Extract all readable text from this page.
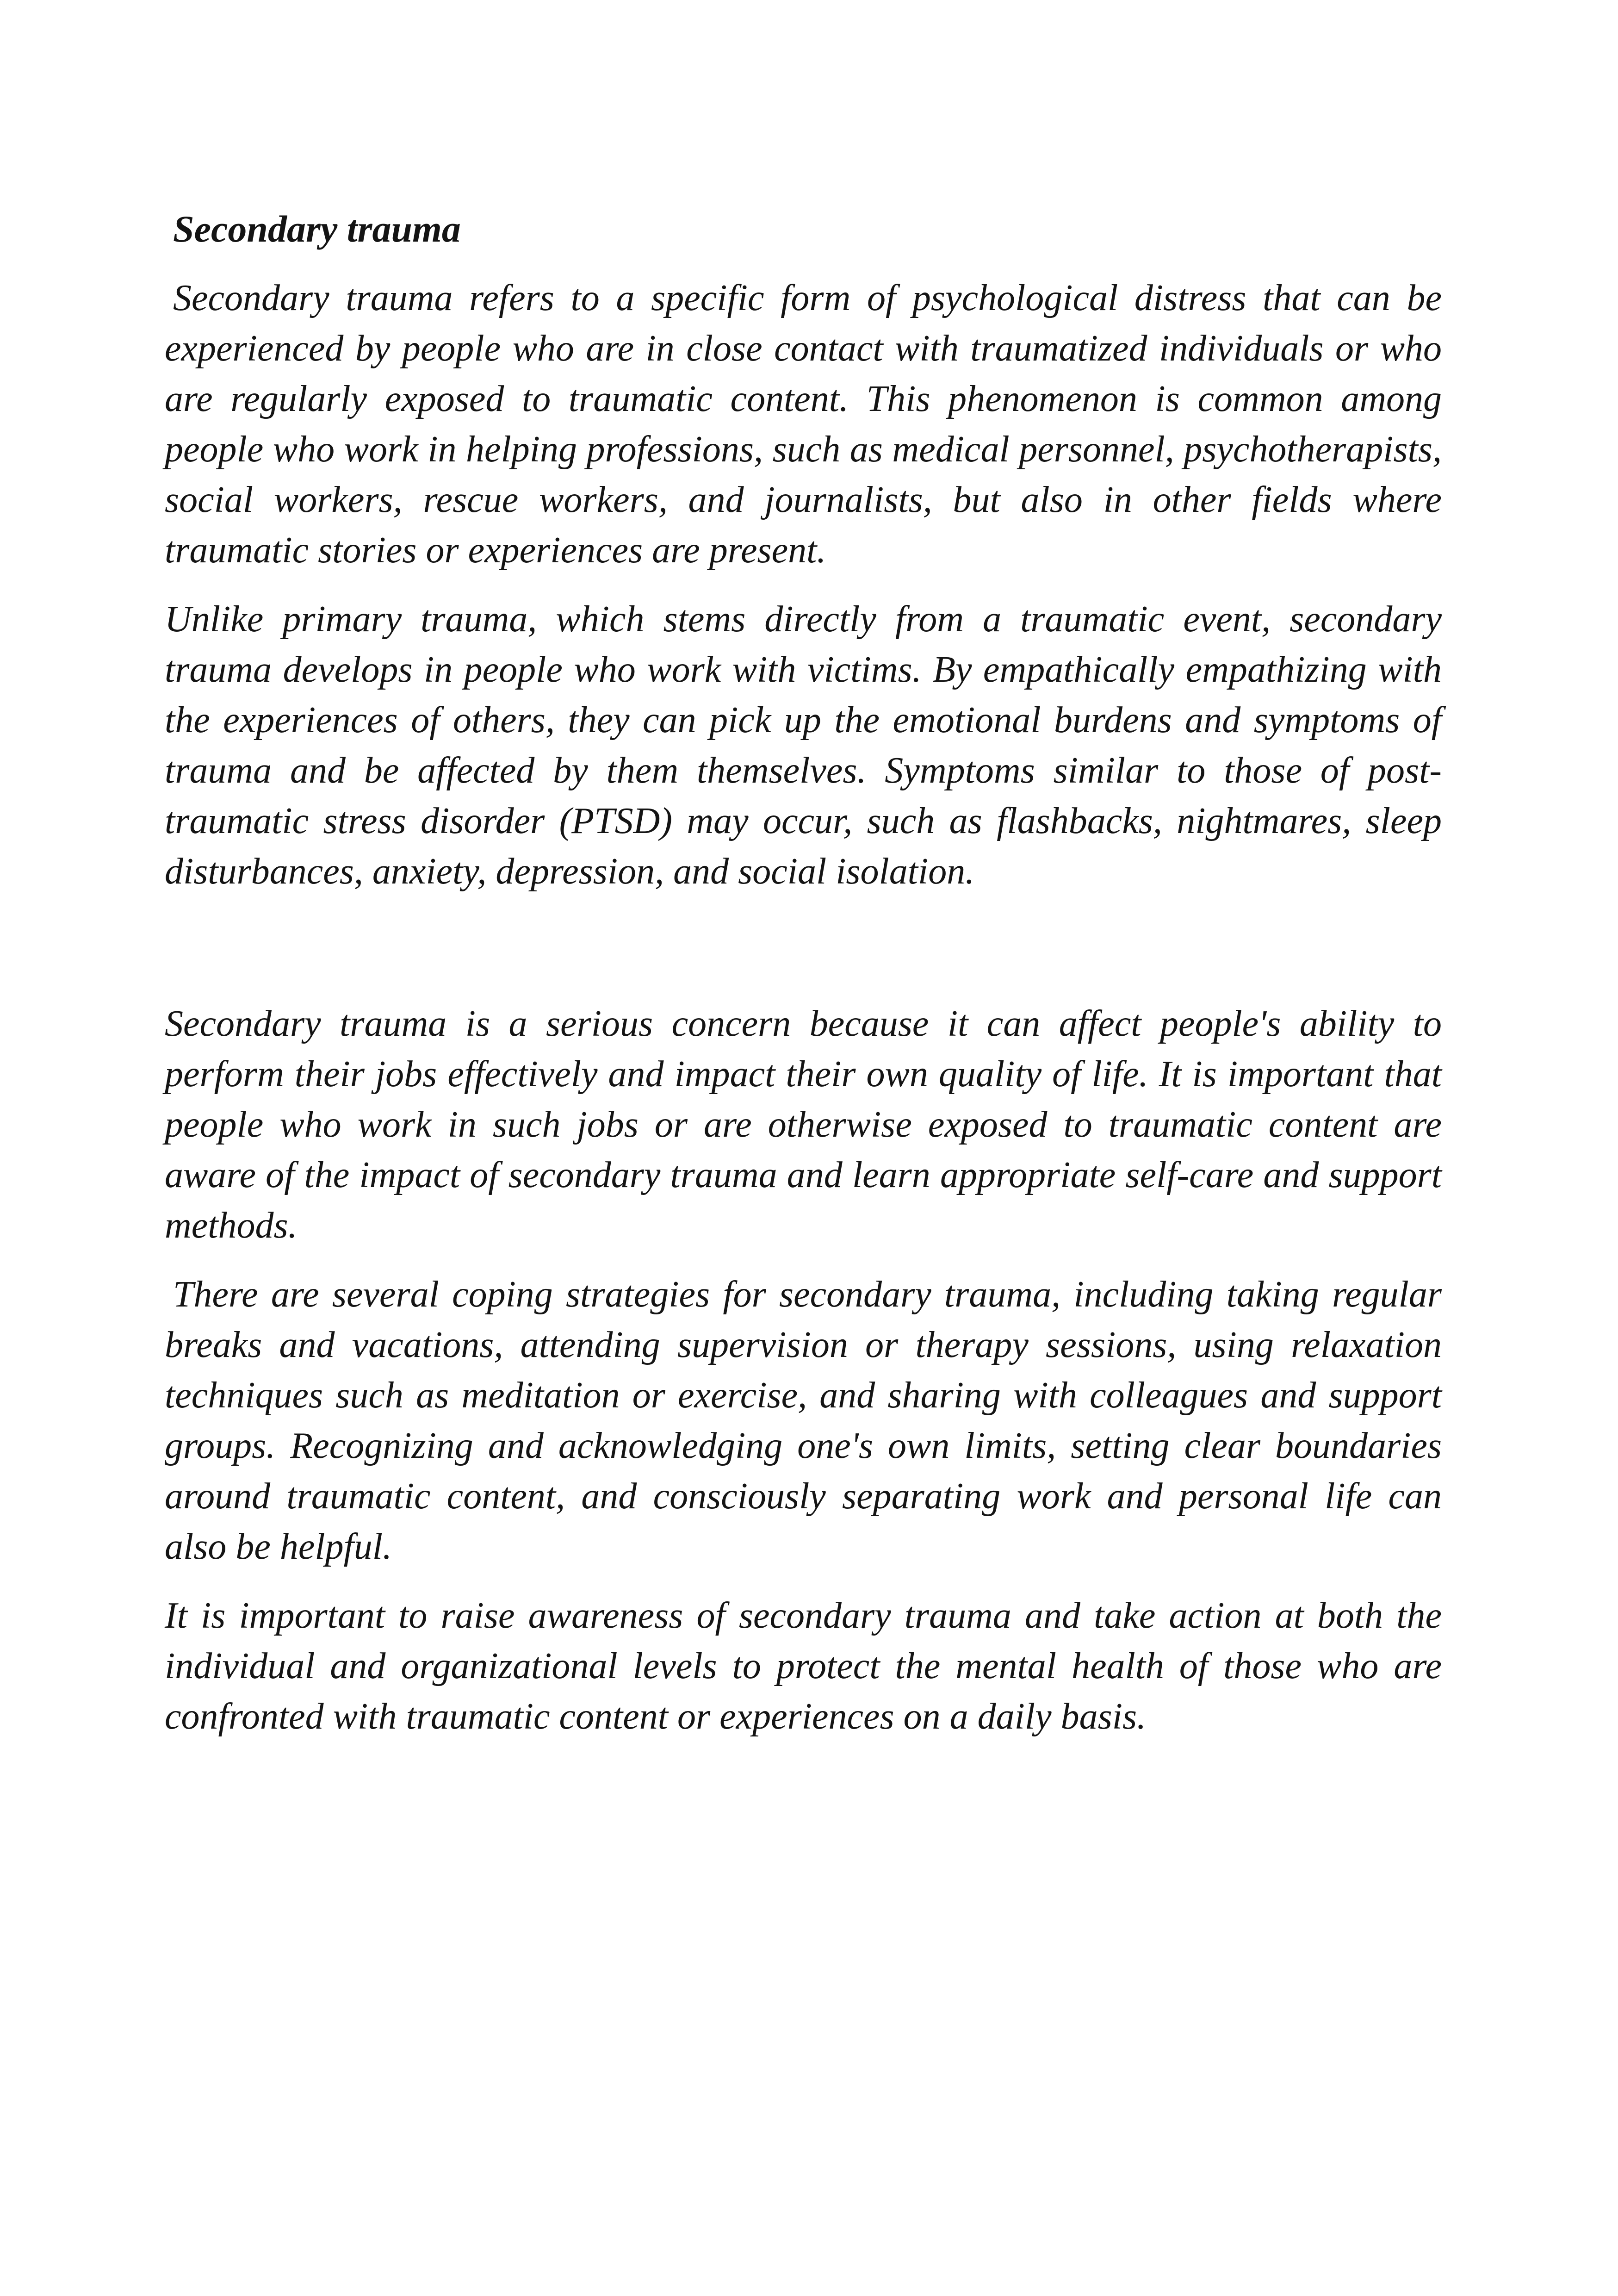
Secondary trauma

Secondary trauma refers to a specific form of psychological distress that can be experienced by people who are in close contact with traumatized individuals or who are regularly exposed to traumatic content. This phenomenon is common among people who work in helping professions, such as medical personnel, psychotherapists, social workers, rescue workers, and journalists, but also in other fields where traumatic stories or experiences are present.

Unlike primary trauma, which stems directly from a traumatic event, secondary trauma develops in people who work with victims. By empathically empathizing with the experiences of others, they can pick up the emotional burdens and symptoms of trauma and be affected by them themselves. Symptoms similar to those of post-traumatic stress disorder (PTSD) may occur, such as flashbacks, nightmares, sleep disturbances, anxiety, depression, and social isolation.

Secondary trauma is a serious concern because it can affect people's ability to perform their jobs effectively and impact their own quality of life. It is important that people who work in such jobs or are otherwise exposed to traumatic content are aware of the impact of secondary trauma and learn appropriate self-care and support methods.

There are several coping strategies for secondary trauma, including taking regular breaks and vacations, attending supervision or therapy sessions, using relaxation techniques such as meditation or exercise, and sharing with colleagues and support groups. Recognizing and acknowledging one's own limits, setting clear boundaries around traumatic content, and consciously separating work and personal life can also be helpful.

It is important to raise awareness of secondary trauma and take action at both the individual and organizational levels to protect the mental health of those who are confronted with traumatic content or experiences on a daily basis.
